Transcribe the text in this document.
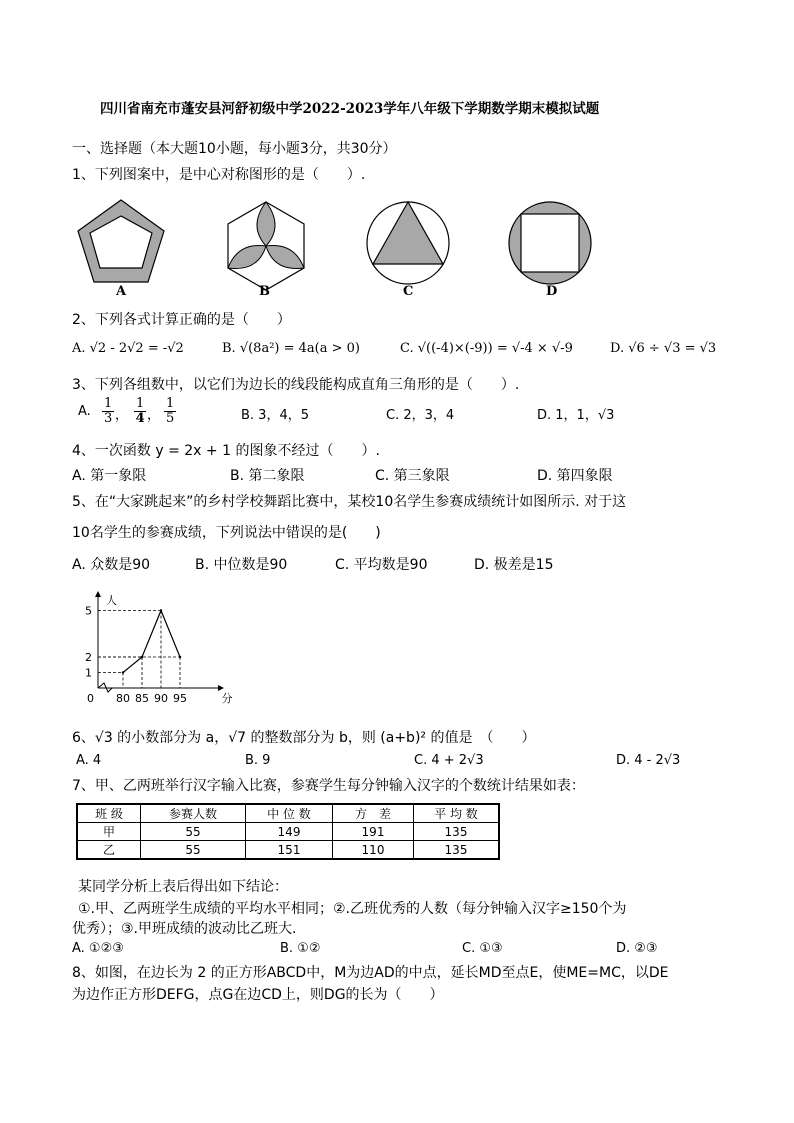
四川省南充市蓬安县河舒初级中学2022-2023学年八年级下学期数学期末模拟试题
一、选择题（本大题10小题，每小题3分，共30分）
1、下列图案中，是中心对称图形的是（　　）.
A	B	C	D
2、下列各式计算正确的是（　　）
A. √2 - 2√2 = -√2	B. √(8a²) = 4a(a > 0)	C. √((-4)×(-9)) = √-4 × √-9	D. √6 ÷ √3 = √3
3、下列各组数中，以它们为边长的线段能构成直角三角形的是（　　）.
A. $\frac{1}{3}$ ， $\frac{1}{4}$ ， $\frac{1}{5}$	B. 3，4，5	C. 2，3，4	D. 1，1，√3
4、一次函数 y = 2x + 1 的图象不经过（　　）.
A. 第一象限	B. 第二象限	C. 第三象限	D. 第四象限
5、在“大家跳起来”的乡村学校舞蹈比赛中，某校10名学生参赛成绩统计如图所示. 对于这
10名学生的参赛成绩，下列说法中错误的是(　　)
A. 众数是90	B. 中位数是90	C. 平均数是90	D. 极差是15
人
分
0 80 85 90 95
1
2
5
6、√3 的小数部分为 a，√7 的整数部分为 b，则 (a+b)² 的值是　（　　）
A. 4	B. 9	C. 4 + 2√3	D. 4 - 2√3
7、甲、乙两班举行汉字输入比赛，参赛学生每分钟输入汉字的个数统计结果如表：
班 级	参赛人数	中 位 数	方　差	平 均 数
甲	55	149	191	135
乙	55	151	110	135
某同学分析上表后得出如下结论：
①.甲、乙两班学生成绩的平均水平相同；②.乙班优秀的人数（每分钟输入汉字≥150个为
优秀）；③.甲班成绩的波动比乙班大.
A. ①②③	B. ①②	C. ①③	D. ②③
8、如图，在边长为 2 的正方形ABCD中，M为边AD的中点，延长MD至点E，使ME=MC，以DE
为边作正方形DEFG，点G在边CD上，则DG的长为（　　）
